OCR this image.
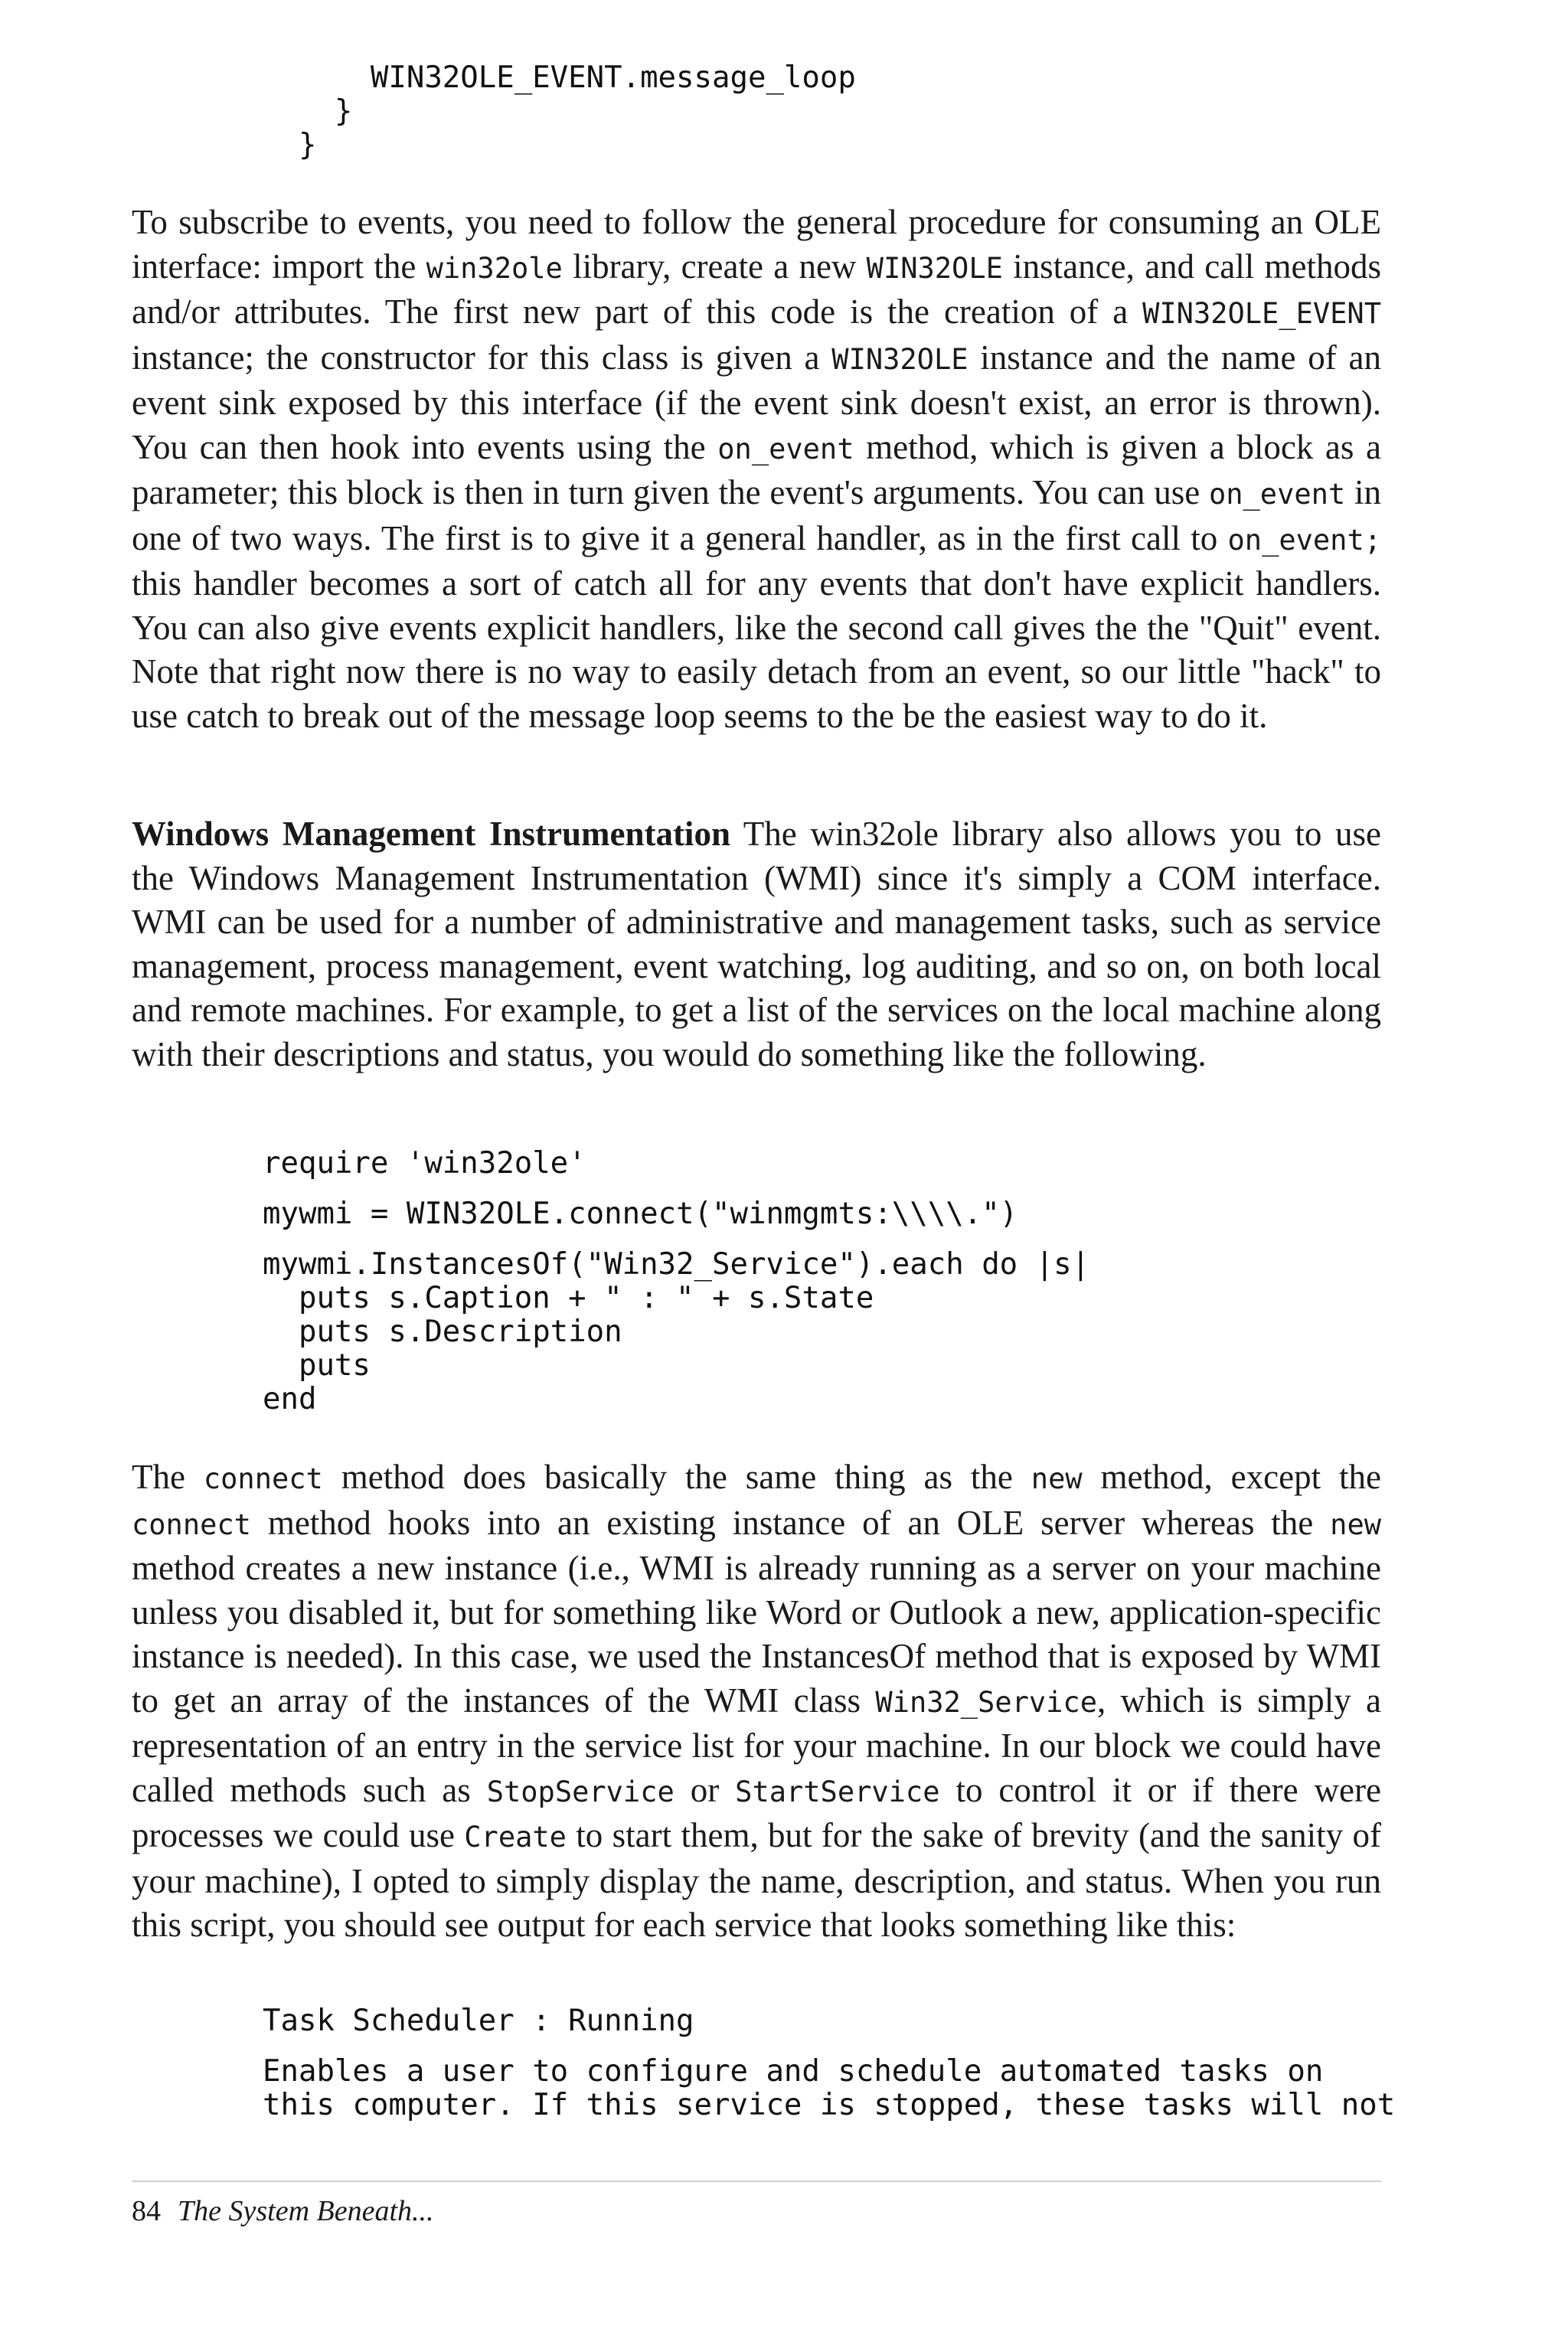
WIN32OLE_EVENT.message_loop
}
}

To subscribe to events, you need to follow the general procedure for consuming an OLE interface: import the win32ole library, create a new WIN32OLE instance, and call methods and/or attributes. The first new part of this code is the creation of a WIN32OLE_EVENT instance; the constructor for this class is given a WIN32OLE instance and the name of an event sink exposed by this interface (if the event sink doesn't exist, an error is thrown). You can then hook into events using the on_event method, which is given a block as a parameter; this block is then in turn given the event's arguments. You can use on_event in one of two ways. The first is to give it a general handler, as in the first call to on_event; this handler becomes a sort of catch all for any events that don't have explicit handlers. You can also give events explicit handlers, like the second call gives the the "Quit" event. Note that right now there is no way to easily detach from an event, so our little "hack" to use catch to break out of the message loop seems to the be the easiest way to do it.

Windows Management Instrumentation The win32ole library also allows you to use the Windows Management Instrumentation (WMI) since it's simply a COM interface. WMI can be used for a number of administrative and management tasks, such as service management, process management, event watching, log auditing, and so on, on both local and remote machines. For example, to get a list of the services on the local machine along with their descriptions and status, you would do something like the following.

require 'win32ole'
mywmi = WIN32OLE.connect("winmgmts:\\\\.")
mywmi.InstancesOf("Win32_Service").each do |s|
puts s.Caption + " : " + s.State
puts s.Description
puts
end

The connect method does basically the same thing as the new method, except the connect method hooks into an existing instance of an OLE server whereas the new method creates a new instance (i.e., WMI is already running as a server on your machine unless you disabled it, but for something like Word or Outlook a new, application-specific instance is needed). In this case, we used the InstancesOf method that is exposed by WMI to get an array of the instances of the WMI class Win32_Service, which is simply a representation of an entry in the service list for your machine. In our block we could have called methods such as StopService or StartService to control it or if there were processes we could use Create to start them, but for the sake of brevity (and the sanity of your machine), I opted to simply display the name, description, and status. When you run this script, you should see output for each service that looks something like this:

Task Scheduler : Running
Enables a user to configure and schedule automated tasks on
this computer. If this service is stopped, these tasks will not
84 The System Beneath...
